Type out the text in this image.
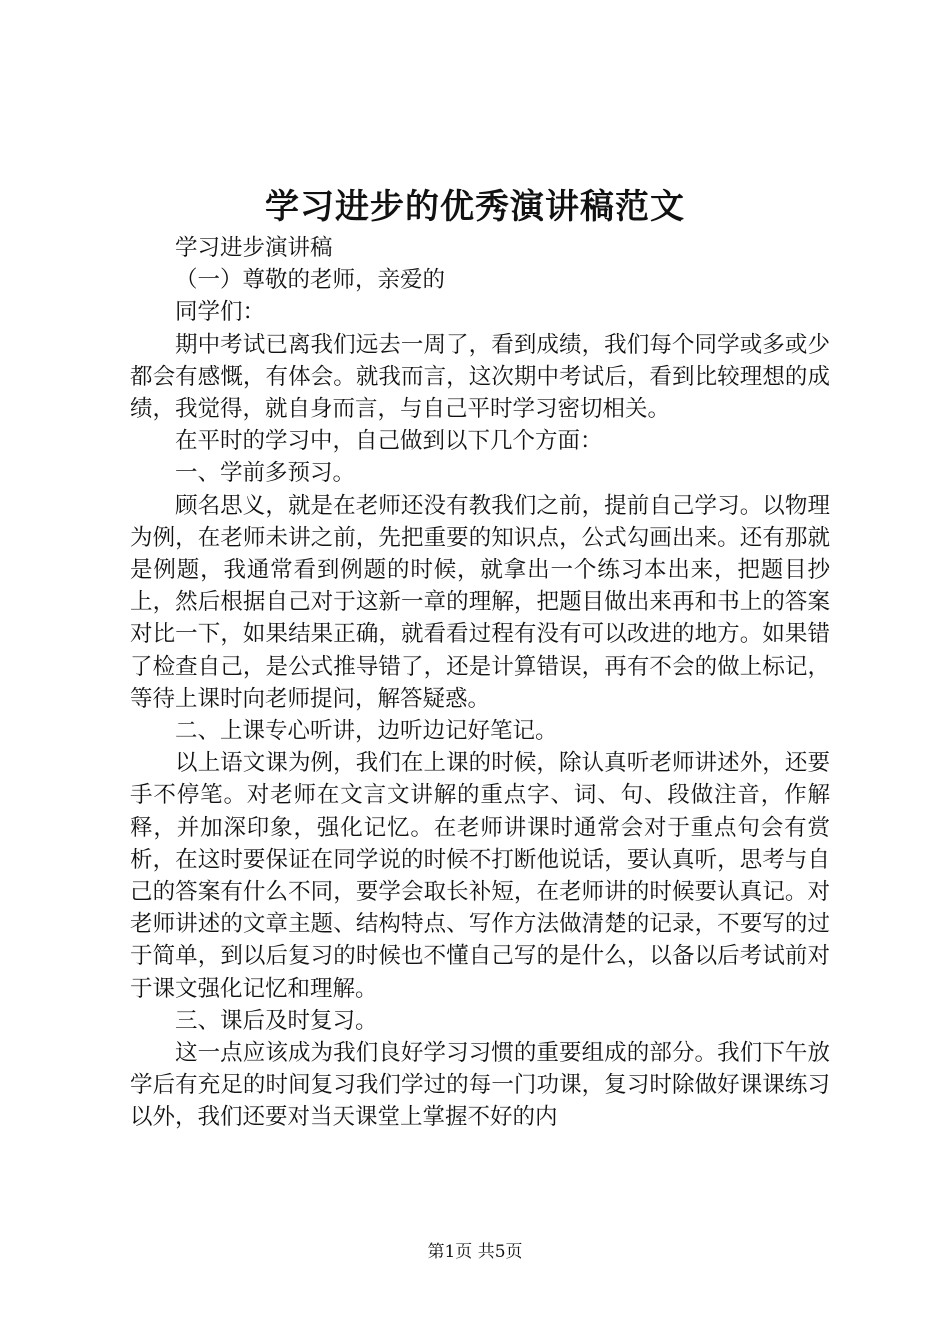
学习进步的优秀演讲稿范文

学习进步演讲稿

（一）尊敬的老师，亲爱的

同学们：

期中考试已离我们远去一周了，看到成绩，我们每个同学或多或少都会有感慨，有体会。就我而言，这次期中考试后，看到比较理想的成绩，我觉得，就自身而言，与自己平时学习密切相关。

在平时的学习中，自己做到以下几个方面：

一、学前多预习。

顾名思义，就是在老师还没有教我们之前，提前自己学习。以物理为例，在老师未讲之前，先把重要的知识点，公式勾画出来。还有那就是例题，我通常看到例题的时候，就拿出一个练习本出来，把题目抄上，然后根据自己对于这新一章的理解，把题目做出来再和书上的答案对比一下，如果结果正确，就看看过程有没有可以改进的地方。如果错了检查自己，是公式推导错了，还是计算错误，再有不会的做上标记，等待上课时向老师提问，解答疑惑。

二、上课专心听讲，边听边记好笔记。

以上语文课为例，我们在上课的时候，除认真听老师讲述外，还要手不停笔。对老师在文言文讲解的重点字、词、句、段做注音，作解释，并加深印象，强化记忆。在老师讲课时通常会对于重点句会有赏析，在这时要保证在同学说的时候不打断他说话，要认真听，思考与自己的答案有什么不同，要学会取长补短，在老师讲的时候要认真记。对老师讲述的文章主题、结构特点、写作方法做清楚的记录，不要写的过于简单，到以后复习的时候也不懂自己写的是什么，以备以后考试前对于课文强化记忆和理解。

三、课后及时复习。

这一点应该成为我们良好学习习惯的重要组成的部分。我们下午放学后有充足的时间复习我们学过的每一门功课，复习时除做好课课练习以外，我们还要对当天课堂上掌握不好的内

第1页 共5页
